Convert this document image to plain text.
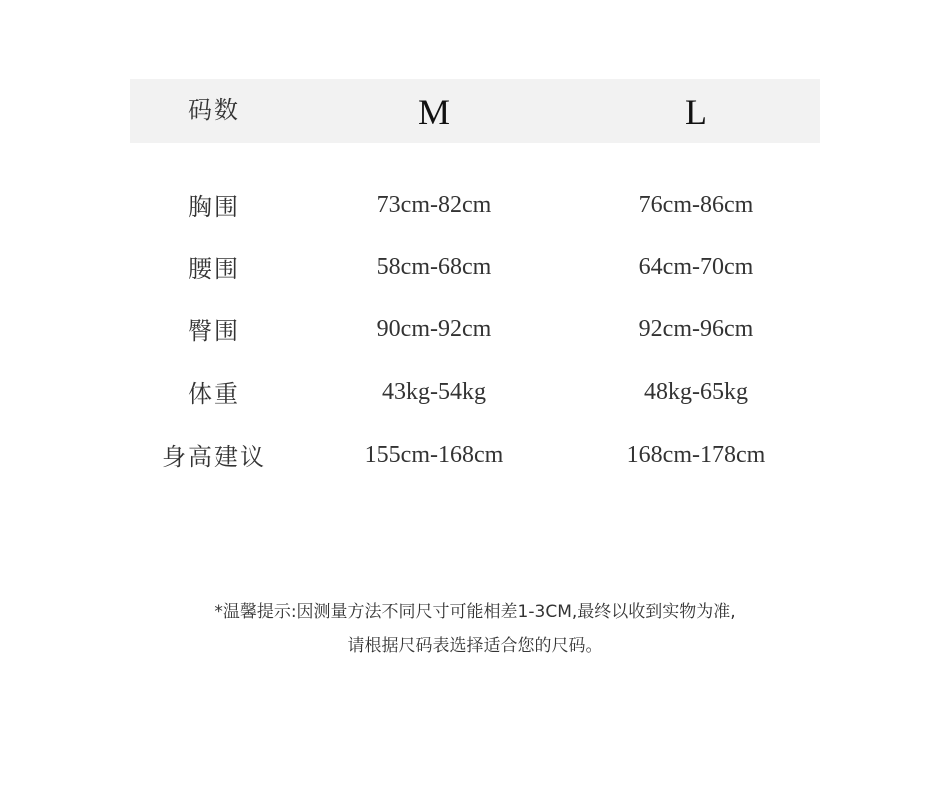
码数	M	L
胸围	73cm-82cm	76cm-86cm
腰围	58cm-68cm	64cm-70cm
臀围	90cm-92cm	92cm-96cm
体重	43kg-54kg	48kg-65kg
身高建议	155cm-168cm	168cm-178cm
*温馨提示:因测量方法不同尺寸可能相差1-3CM,最终以收到实物为准,
请根据尺码表选择适合您的尺码。
